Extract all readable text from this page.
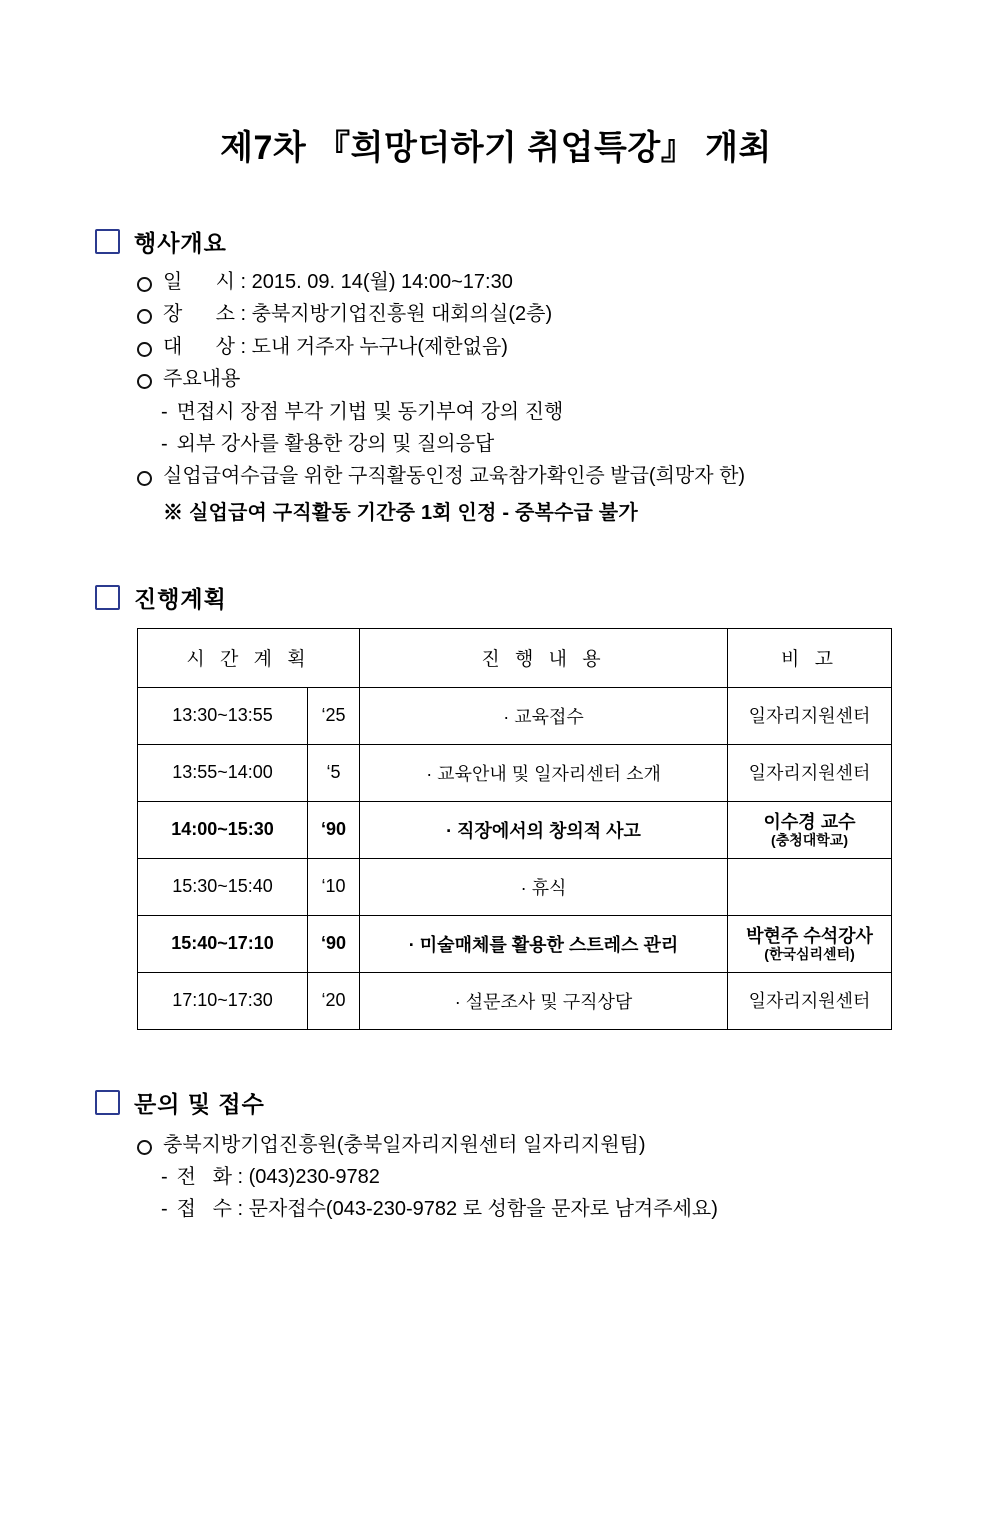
제7차 『희망더하기 취업특강』 개최
행사개요
일      시 : 2015. 09. 14(월) 14:00~17:30
장      소 : 충북지방기업진흥원 대회의실(2층)
대      상 : 도내 거주자 누구나(제한없음)
주요내용
- 면접시 장점 부각 기법 및 동기부여 강의 진행
- 외부 강사를 활용한 강의 및 질의응답
실업급여수급을 위한 구직활동인정 교육참가확인증 발급(희망자 한)
※ 실업급여 구직활동 기간중 1회 인정 - 중복수급 불가
진행계획
시 간 계 획		진 행 내 용	비 고
13:30~13:55	‘25	· 교육접수	일자리지원센터

13:55~14:00	‘5	· 교육안내 및 일자리센터 소개	일자리지원센터

14:00~15:30	‘90	· 직장에서의 창의적 사고	이수경 교수
(충청대학교)

15:30~15:40	‘10	· 휴식	
15:40~17:10	‘90	· 미술매체를 활용한 스트레스 관리	박현주 수석강사
(한국심리센터)

17:10~17:30	‘20	· 설문조사 및 구직상담	일자리지원센터
문의 및 접수
충북지방기업진흥원(충북일자리지원센터 일자리지원팀)
- 전   화 : (043)230-9782
- 접   수 : 문자접수(043-230-9782 로 성함을 문자로 남겨주세요)
